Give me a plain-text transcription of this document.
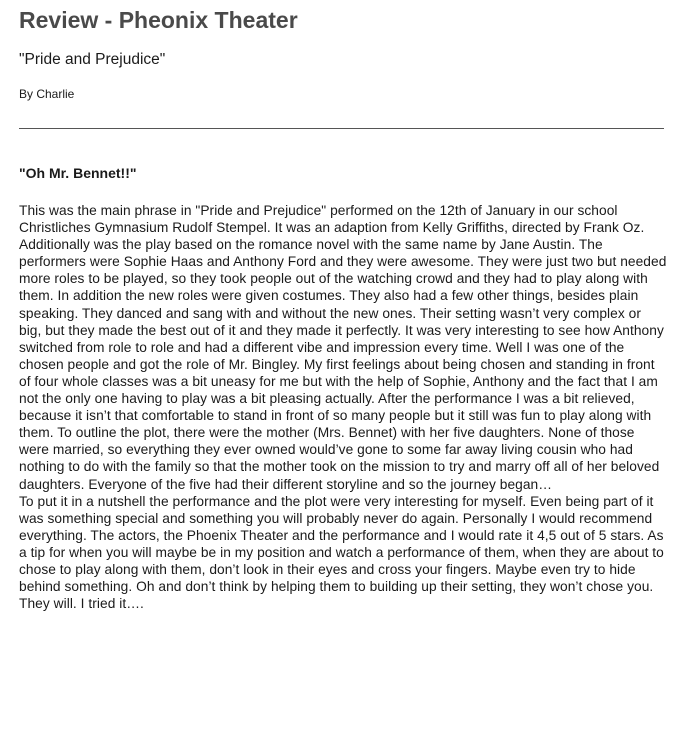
Review - Pheonix Theater
"Pride and Prejudice"
By Charlie
"Oh Mr. Bennet!!"

This was the main phrase in "Pride and Prejudice" performed on the 12th of January in our school Christliches Gymnasium Rudolf Stempel. It was an adaption from Kelly Griffiths, directed by Frank Oz. Additionally was the play based on the romance novel with the same name by Jane Austin. The performers were Sophie Haas and Anthony Ford and they were awesome. They were just two but needed more roles to be played, so they took people out of the watching crowd and they had to play along with them. In addition the new roles were given costumes. They also had a few other things, besides plain speaking. They danced and sang with and without the new ones. Their setting wasn’t very complex or big, but they made the best out of it and they made it perfectly. It was very interesting to see how Anthony switched from role to role and had a different vibe and impression every time. Well I was one of the chosen people and got the role of Mr. Bingley. My first feelings about being chosen and standing in front of four whole classes was a bit uneasy for me but with the help of Sophie, Anthony and the fact that I am not the only one having to play was a bit pleasing actually. After the performance I was a bit relieved, because it isn’t that comfortable to stand in front of so many people but it still was fun to play along with them. To outline the plot, there were the mother (Mrs. Bennet) with her five daughters. None of those were married, so everything they ever owned would’ve gone to some far away living cousin who had nothing to do with the family so that the mother took on the mission to try and marry off all of her beloved daughters. Everyone of the five had their different storyline and so the journey began…

To put it in a nutshell the performance and the plot were very interesting for myself. Even being part of it was something special and something you will probably never do again. Personally I would recommend everything. The actors, the Phoenix Theater and the performance and I would rate it 4,5 out of 5 stars. As a tip for when you will maybe be in my position and watch a performance of them, when they are about to chose to play along with them, don’t look in their eyes and cross your fingers. Maybe even try to hide behind something. Oh and don’t think by helping them to building up their setting, they won’t chose you. They will. I tried it….
